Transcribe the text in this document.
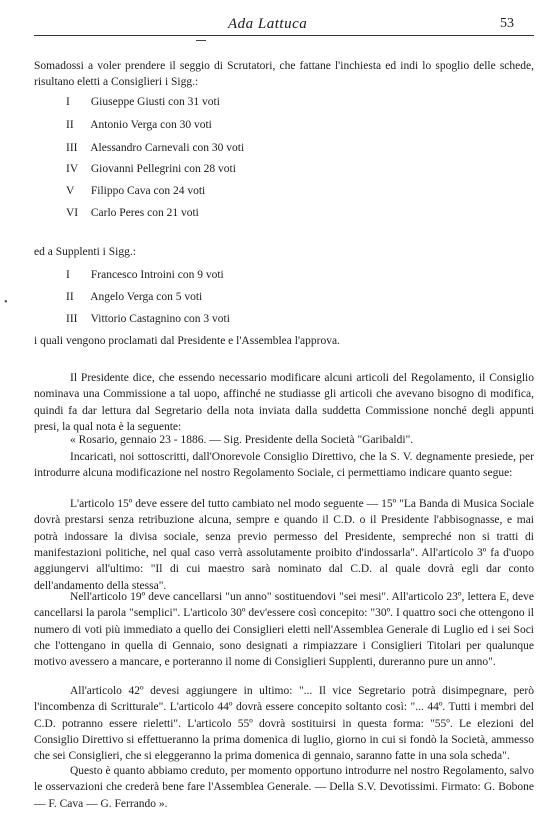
Ada Lattuca	53
•
Somadossi a voler prendere il seggio di Scrutatori, che fattane l'inchiesta ed indi lo spoglio delle schede, risultano eletti a Consiglieri i Sigg.:
I Giuseppe Giusti con 31 voti
II Antonio Verga con 30 voti
III Alessandro Carnevali con 30 voti
IV Giovanni Pellegrini con 28 voti
V Filippo Cava con 24 voti
VI Carlo Peres con 21 voti
ed a Supplenti i Sigg.:
I Francesco Introini con 9 voti
II Angelo Verga con 5 voti
III Vittorio Castagnino con 3 voti
i quali vengono proclamati dal Presidente e l'Assemblea l'approva.
Il Presidente dice, che essendo necessario modificare alcuni articoli del Regolamento, il Consiglio nominava una Commissione a tal uopo, affinché ne studiasse gli articoli che avevano bisogno di modifica, quindi fa dar lettura dal Segretario della nota inviata dalla suddetta Commissione nonché degli appunti presi, la qual nota è la seguente:
« Rosario, gennaio 23 - 1886. — Sig. Presidente della Società "Garibaldi".
Incaricati, noi sottoscritti, dall'Onorevole Consiglio Direttivo, che la S. V. degnamente presiede, per introdurre alcuna modificazione nel nostro Regolamento Sociale, ci permettiamo indicare quanto segue:
L'articolo 15º deve essere del tutto cambiato nel modo seguente — 15º "La Banda di Musica Sociale dovrà prestarsi senza retribuzione alcuna, sempre e quando il C.D. o il Presidente l'abbisognasse, e mai potrà indossare la divisa sociale, senza previo permesso del Presidente, sempreché non si tratti di manifestazioni politiche, nel qual caso verrà assolutamente proibito d'indossarla". All'articolo 3º fa d'uopo aggiungervi all'ultimo: "Il di cui maestro sarà nominato dal C.D. al quale dovrà egli dar conto dell'andamento della stessa".
Nell'articolo 19º deve cancellarsi "un anno" sostituendovi "sei mesi". All'articolo 23º, lettera E, deve cancellarsi la parola "semplici". L'articolo 30º dev'essere così concepito: "30º. I quattro soci che ottengono il numero di voti più immediato a quello dei Consiglieri eletti nell'Assemblea Generale di Luglio ed i sei Soci che l'ottengano in quella di Gennaio, sono designati a rimpiazzare i Consiglieri Titolari per qualunque motivo avessero a mancare, e porteranno il nome di Consiglieri Supplenti, dureranno pure un anno".
All'articolo 42º devesi aggiungere in ultimo: "... Il vice Segretario potrà disimpegnare, però l'incombenza di Scritturale". L'articolo 44º dovrà essere concepito soltanto così: "... 44º. Tutti i membri del C.D. potranno essere rieletti". L'articolo 55º dovrà sostituirsi in questa forma: "55º. Le elezioni del Consiglio Direttivo si effettueranno la prima domenica di luglio, giorno in cui si fondò la Società, ammesso che sei Consiglieri, che si eleggeranno la prima domenica di gennaio, saranno fatte in una sola scheda".
Questo è quanto abbiamo creduto, per momento opportuno introdurre nel nostro Regolamento, salvo le osservazioni che crederà bene fare l'Assemblea Generale. — Della S.V. Devotissimi. Firmato: G. Bobone — F. Cava — G. Ferrando ».
